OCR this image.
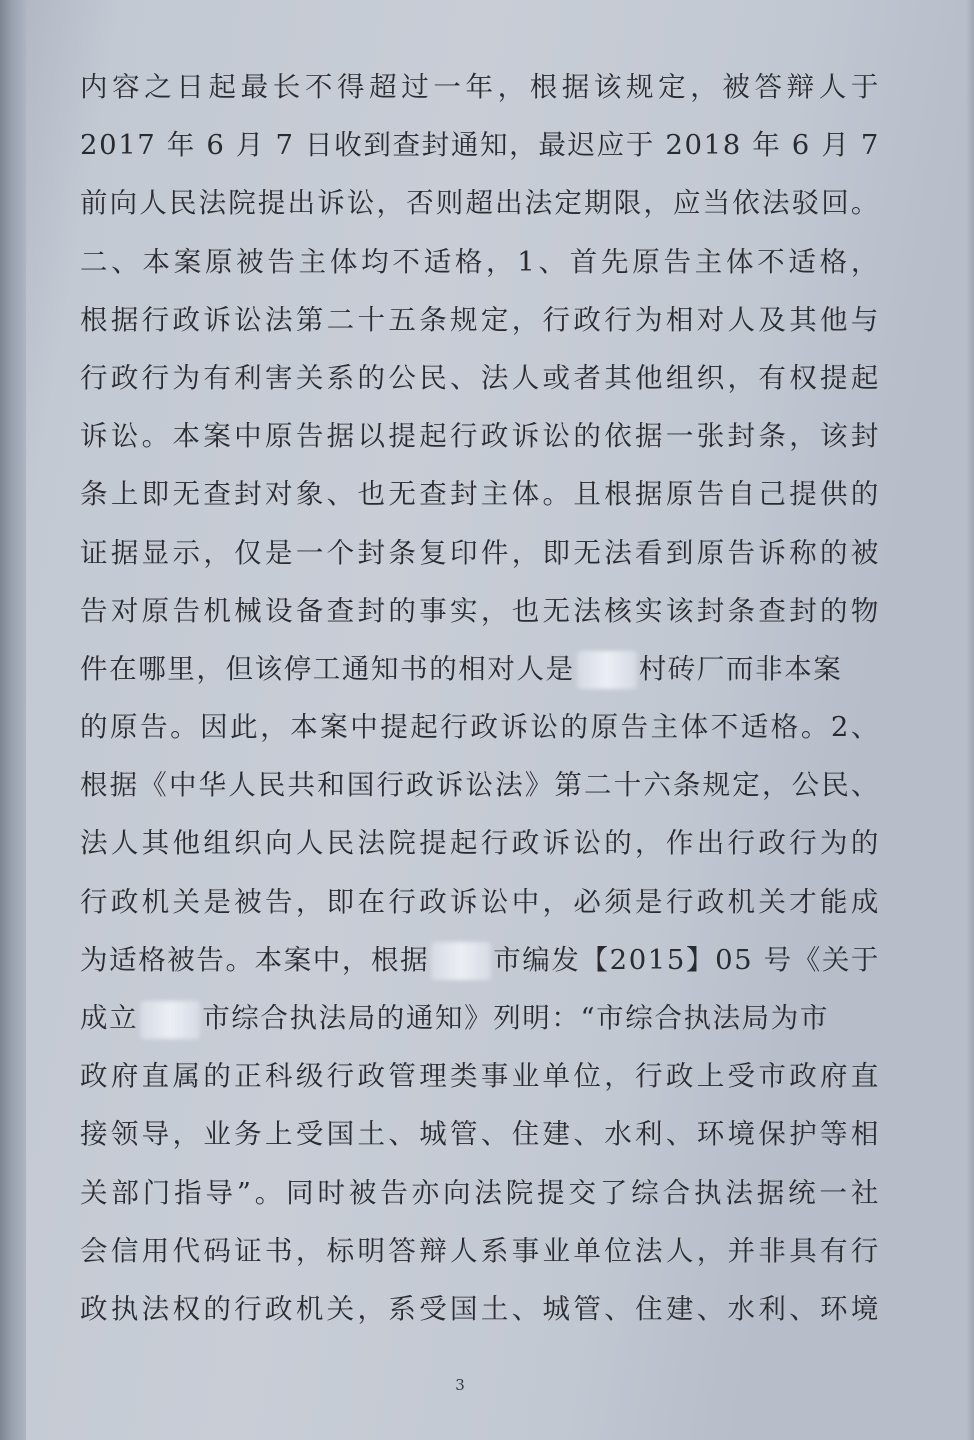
内容之日起最长不得超过一年，根据该规定，被答辩人于
2017 年 6 月 7 日收到查封通知，最迟应于 2018 年 6 月 7
前向人民法院提出诉讼，否则超出法定期限，应当依法驳回。
二、本案原被告主体均不适格，1、首先原告主体不适格，
根据行政诉讼法第二十五条规定，行政行为相对人及其他与
行政行为有利害关系的公民、法人或者其他组织，有权提起
诉讼。本案中原告据以提起行政诉讼的依据一张封条，该封
条上即无查封对象、也无查封主体。且根据原告自己提供的
证据显示，仅是一个封条复印件，即无法看到原告诉称的被
告对原告机械设备查封的事实，也无法核实该封条查封的物
件在哪里，但该停工通知书的相对人是 村砖厂而非本案
的原告。因此，本案中提起行政诉讼的原告主体不适格。2、
根据《中华人民共和国行政诉讼法》第二十六条规定，公民、
法人其他组织向人民法院提起行政诉讼的，作出行政行为的
行政机关是被告，即在行政诉讼中，必须是行政机关才能成
为适格被告。本案中，根据 市编发【2015】05 号《关于
成立 市综合执法局的通知》列明：“市综合执法局为市
政府直属的正科级行政管理类事业单位，行政上受市政府直
接领导，业务上受国土、城管、住建、水利、环境保护等相
关部门指导”。同时被告亦向法院提交了综合执法据统一社
会信用代码证书，标明答辩人系事业单位法人，并非具有行
政执法权的行政机关，系受国土、城管、住建、水利、环境
3
